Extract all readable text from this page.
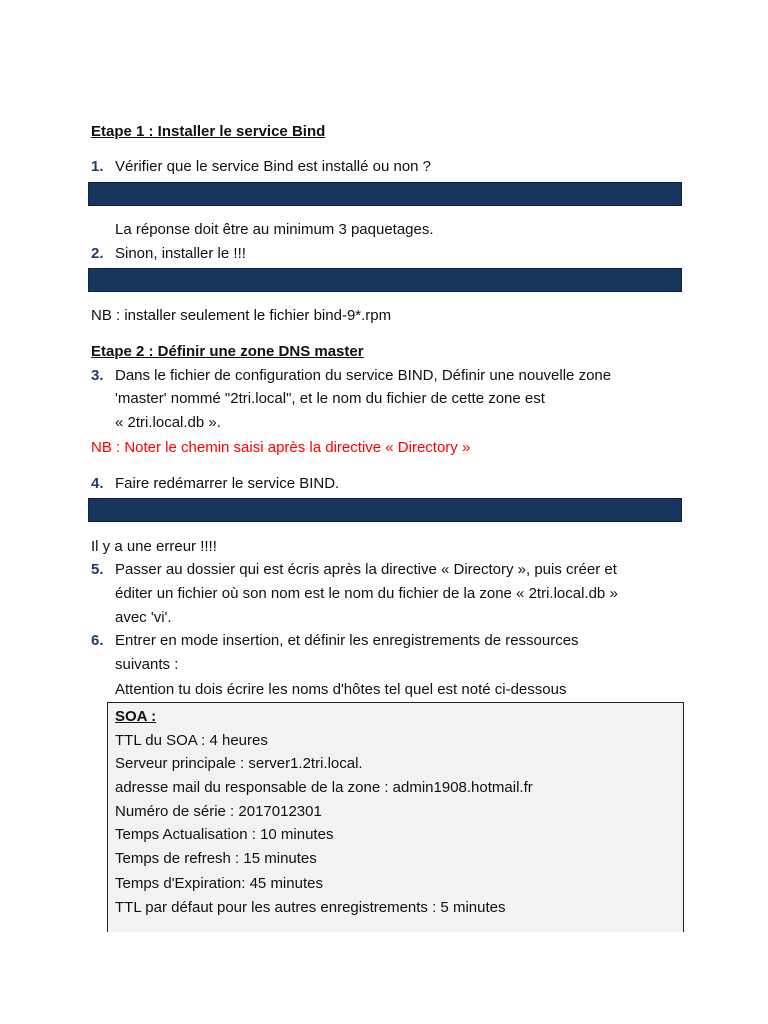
Etape 1 : Installer le service Bind
1. Vérifier que le service Bind est installé ou non ?
La réponse doit être au minimum 3 paquetages.
2. Sinon, installer le !!!
NB : installer seulement le fichier bind-9*.rpm
Etape 2 : Définir une zone DNS master
3. Dans le fichier de configuration du service BIND, Définir une nouvelle zone
'master' nommé "2tri.local", et le nom du fichier de cette zone est
« 2tri.local.db ».
NB : Noter le chemin saisi après la directive « Directory »
4. Faire redémarrer le service BIND.
Il y a une erreur !!!!
5. Passer au dossier qui est écris après la directive « Directory », puis créer et
éditer un fichier où son nom est le nom du fichier de la zone « 2tri.local.db »
avec 'vi'.
6. Entrer en mode insertion, et définir les enregistrements de ressources
suivants :
Attention tu dois écrire les noms d'hôtes tel quel est noté ci-dessous
SOA :
TTL du SOA : 4 heures
Serveur principale : server1.2tri.local.
adresse mail du responsable de la zone : admin1908.hotmail.fr
Numéro de série : 2017012301
Temps Actualisation : 10 minutes
Temps de refresh : 15 minutes
Temps d'Expiration: 45 minutes
TTL par défaut pour les autres enregistrements : 5 minutes
